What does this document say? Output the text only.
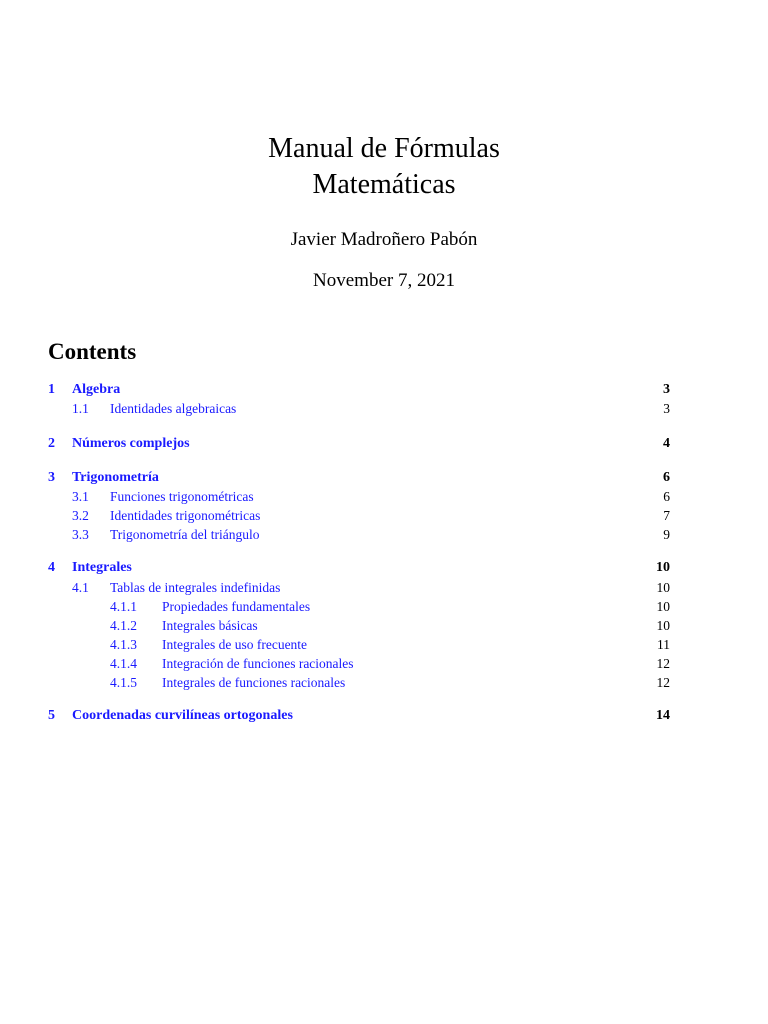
Manual de Fórmulas
Matemáticas
Javier Madroñero Pabón
November 7, 2021
Contents
1 Algebra	3
1.1 Identidades algebraicas	3
2 Números complejos	4
3 Trigonometría	6
3.1 Funciones trigonométricas	6
3.2 Identidades trigonométricas	7
3.3 Trigonometría del triángulo	9
4 Integrales	10
4.1 Tablas de integrales indefinidas	10
4.1.1 Propiedades fundamentales	10
4.1.2 Integrales básicas	10
4.1.3 Integrales de uso frecuente	11
4.1.4 Integración de funciones racionales	12
4.1.5 Integrales de funciones racionales	12
5 Coordenadas curvilíneas ortogonales	14
